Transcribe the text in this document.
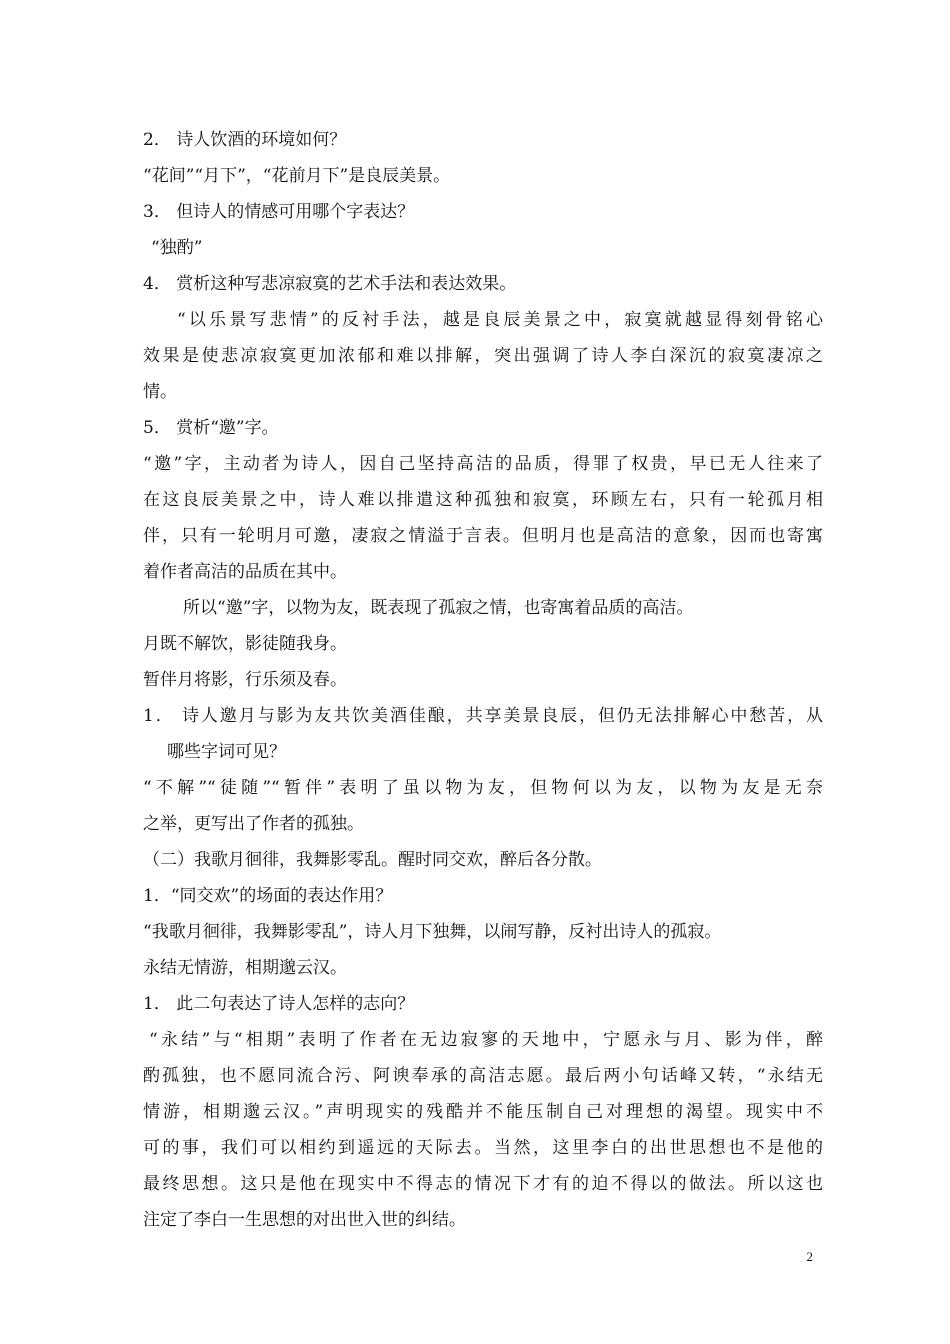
2． 诗人饮酒的环境如何？
“花间”“月下”，“花前月下”是良辰美景。
3． 但诗人的情感可用哪个字表达？
“独酌”
4． 赏析这种写悲凉寂寞的艺术手法和表达效果。
“以乐景写悲情”的反衬手法，越是良辰美景之中，寂寞就越显得刻骨铭心
效果是使悲凉寂寞更加浓郁和难以排解，突出强调了诗人李白深沉的寂寞凄凉之
情。
5． 赏析“邀”字。
“邀”字，主动者为诗人，因自己坚持高洁的品质，得罪了权贵，早已无人往来了
在这良辰美景之中，诗人难以排遣这种孤独和寂寞，环顾左右，只有一轮孤月相
伴，只有一轮明月可邀，凄寂之情溢于言表。但明月也是高洁的意象，因而也寄寓
着作者高洁的品质在其中。
所以“邀”字，以物为友，既表现了孤寂之情，也寄寓着品质的高洁。
月既不解饮，影徒随我身。
暂伴月将影，行乐须及春。
1． 诗人邀月与影为友共饮美酒佳酿，共享美景良辰，但仍无法排解心中愁苦，从
哪些字词可见？
“不解”“徒随”“暂伴”表明了虽以物为友，但物何以为友，以物为友是无奈
之举，更写出了作者的孤独。
（二）我歌月徊徘，我舞影零乱。醒时同交欢，醉后各分散。
1．“同交欢”的场面的表达作用？
“我歌月徊徘，我舞影零乱”，诗人月下独舞，以闹写静，反衬出诗人的孤寂。
永结无情游，相期邈云汉。
1． 此二句表达了诗人怎样的志向？
“永结”与“相期”表明了作者在无边寂寥的天地中，宁愿永与月、影为伴，醉
酌孤独，也不愿同流合污、阿谀奉承的高洁志愿。最后两小句话峰又转，“永结无
情游，相期邈云汉。”声明现实的残酷并不能压制自己对理想的渴望。现实中不
可的事，我们可以相约到遥远的天际去。当然，这里李白的出世思想也不是他的
最终思想。这只是他在现实中不得志的情况下才有的迫不得以的做法。所以这也
注定了李白一生思想的对出世入世的纠结。
2
